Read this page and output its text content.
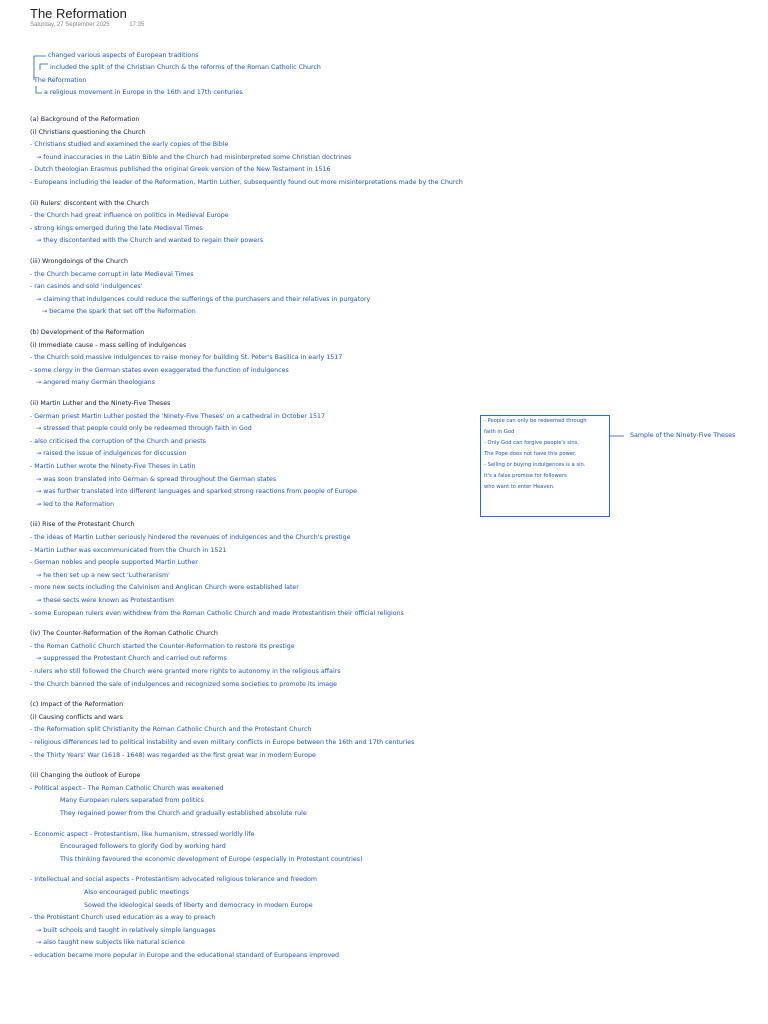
The Reformation
Saturday, 27 September 2025	17:35
changed various aspects of European traditions
included the split of the Christian Church & the reforms of the Roman Catholic Church
The Reformation
a religious movement in Europe in the 16th and 17th centuries
(a) Background of the Reformation
(i) Christians questioning the Church
- Christians studied and examined the early copies of the Bible
→ found inaccuracies in the Latin Bible and the Church had misinterpreted some Christian doctrines
- Dutch theologian Erasmus published the original Greek version of the New Testament in 1516
- Europeans including the leader of the Reformation, Martin Luther, subsequently found out more misinterpretations made by the Church
(ii) Rulers' discontent with the Church
- the Church had great influence on politics in Medieval Europe
- strong kings emerged during the late Medieval Times
→ they discontented with the Church and wanted to regain their powers
(iii) Wrongdoings of the Church
- the Church became corrupt in late Medieval Times
- ran casinos and sold 'indulgences'
→ claiming that indulgences could reduce the sufferings of the purchasers and their relatives in purgatory
→ became the spark that set off the Reformation
(b) Development of the Reformation
(i) Immediate cause - mass selling of indulgences
- the Church sold massive indulgences to raise money for building St. Peter's Basilica in early 1517
- some clergy in the German states even exaggerated the function of indulgences
→ angered many German theologians
(ii) Martin Luther and the Ninety-Five Theses
- German priest Martin Luther posted the 'Ninety-Five Theses' on a cathedral in October 1517
→ stressed that people could only be redeemed through faith in God
- also criticised the corruption of the Church and priests
→ raised the issue of indulgences for discussion
- Martin Luther wrote the Ninety-Five Theses in Latin
→ was soon translated into German & spread throughout the German states
→ was further translated into different languages and sparked strong reactions from people of Europe
→ led to the Reformation
(iii) Rise of the Protestant Church
- the ideas of Martin Luther seriously hindered the revenues of indulgences and the Church's prestige
- Martin Luther was excommunicated from the Church in 1521
- German nobles and people supported Martin Luther
→ he then set up a new sect 'Lutheranism'
- more new sects including the Calvinism and Anglican Church were established later
→ these sects were known as Protestantism
- some European rulers even withdrew from the Roman Catholic Church and made Protestantism their official religions
(iv) The Counter-Reformation of the Roman Catholic Church
- the Roman Catholic Church started the Counter-Reformation to restore its prestige
→ suppressed the Protestant Church and carried out reforms
- rulers who still followed the Church were granted more rights to autonomy in the religious affairs
- the Church banned the sale of indulgences and recognized some societies to promote its image
(c) Impact of the Reformation
(i) Causing conflicts and wars
- the Reformation split Christianity the Roman Catholic Church and the Protestant Church
- religious differences led to political instability and even military conflicts in Europe between the 16th and 17th centuries
- the Thirty Years' War (1618 - 1648) was regarded as the first great war in modern Europe
(ii) Changing the outlook of Europe
- Political aspect - The Roman Catholic Church was weakened
Many European rulers separated from politics
They regained power from the Church and gradually established absolute rule
- Economic aspect - Protestantism, like humanism, stressed worldly life
Encouraged followers to glorify God by working hard
This thinking favoured the economic development of Europe (especially in Protestant countries)
- Intellectual and social aspects - Protestantism advocated religious tolerance and freedom
Also encouraged public meetings
Sowed the ideological seeds of liberty and democracy in modern Europe
- the Protestant Church used education as a way to preach
→ built schools and taught in relatively simple languages
→ also taught new subjects like natural science
- education became more popular in Europe and the educational standard of Europeans improved
- People can only be redeemed through
faith in God
- Only God can forgive people's sins.
The Pope does not have this power.
- Selling or buying indulgences is a sin.
It's a false promise for followers
who want to enter Heaven.
Sample of the Ninety-Five Theses
